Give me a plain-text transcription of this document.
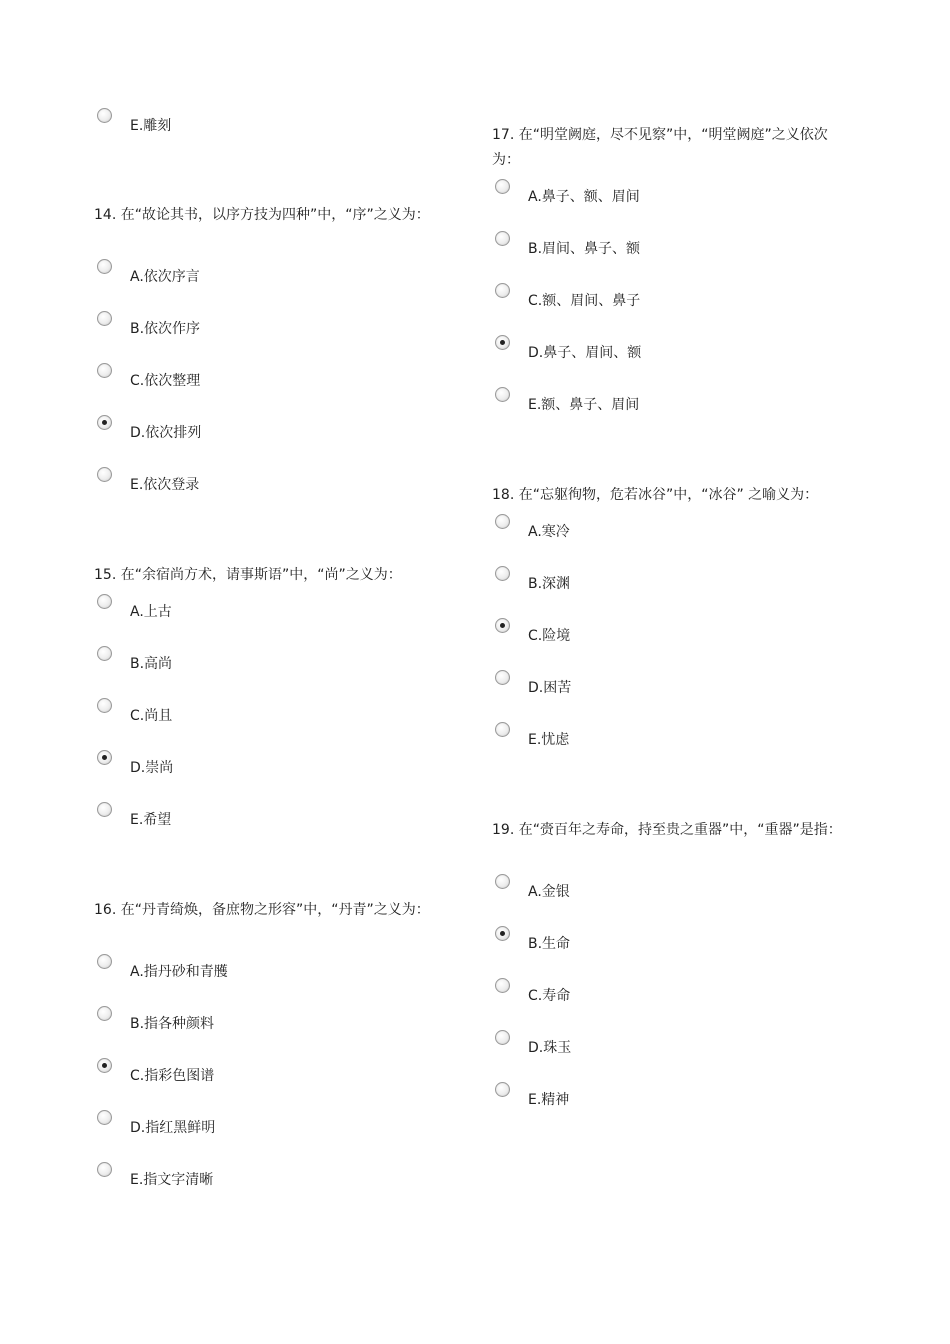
E.雕刻
14. 在“故论其书，以序方技为四种”中，“序”之义为：
A.依次序言
B.依次作序
C.依次整理
D.依次排列
E.依次登录
15. 在“余宿尚方术，请事斯语”中，“尚”之义为：
A.上古
B.高尚
C.尚且
D.崇尚
E.希望
16. 在“丹青绮焕，备庶物之形容”中，“丹青”之义为：
A.指丹砂和青雘
B.指各种颜料
C.指彩色图谱
D.指红黑鲜明
E.指文字清晰
17. 在“明堂阙庭，尽不见察”中，“明堂阙庭”之义依次为：
A.鼻子、额、眉间
B.眉间、鼻子、额
C.额、眉间、鼻子
D.鼻子、眉间、额
E.额、鼻子、眉间
18. 在“忘躯徇物，危若冰谷”中，“冰谷” 之喻义为：
A.寒冷
B.深渊
C.险境
D.困苦
E.忧虑
19. 在“赍百年之寿命，持至贵之重器”中，“重器”是指：
A.金银
B.生命
C.寿命
D.珠玉
E.精神
